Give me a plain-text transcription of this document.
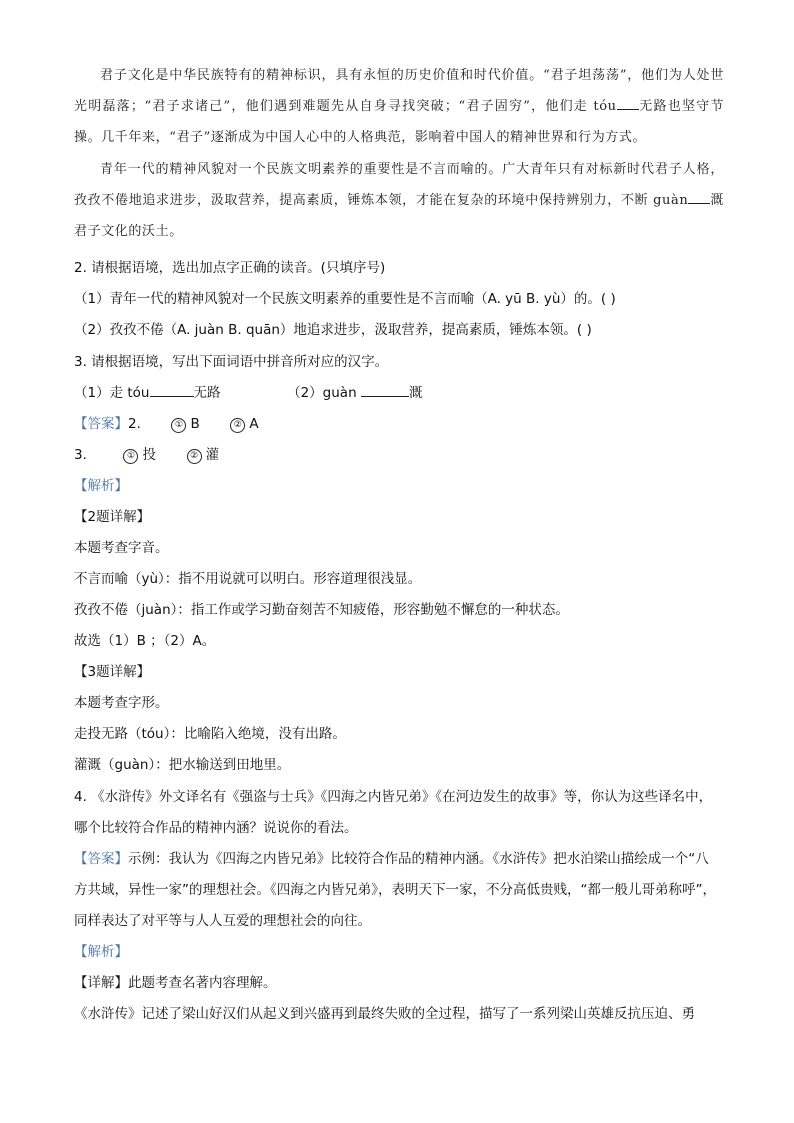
君子文化是中华民族特有的精神标识，具有永恒的历史价值和时代价值。“君子坦荡荡”，他们为人处世光明磊落；“君子求诸己”，他们遇到难题先从自身寻找突破；“君子固穷”，他们走 tóu 无路也坚守节操。几千年来，“君子”逐渐成为中国人心中的人格典范，影响着中国人的精神世界和行为方式。

青年一代的精神风貌对一个民族文明素养的重要性是不言而喻的。广大青年只有对标新时代君子人格，孜孜不倦地追求进步，汲取营养，提高素质，锤炼本领，才能在复杂的环境中保持辨别力，不断 guàn 溉君子文化的沃土。

2. 请根据语境，选出加点字正确的读音。(只填序号)
（1）青年一代的精神风貌对一个民族文明素养的重要性是不言而喻（A. yū B. yù）的。( )
（2）孜孜不倦（A. juàn B. quān）地追求进步，汲取营养，提高素质，锤炼本领。( )
3. 请根据语境，写出下面词语中拼音所对应的汉字。
（1）走 tóu	无路	（2）guàn	溉
【答案】2.	① B	② A
3.	① 投	② 灌
【解析】
【2题详解】
本题考查字音。
不言而喻（yù）：指不用说就可以明白。形容道理很浅显。
孜孜不倦（juàn）：指工作或学习勤奋刻苦不知疲倦，形容勤勉不懈怠的一种状态。
故选（1）B ；（2）A。
【3题详解】
本题考查字形。
走投无路（tóu）：比喻陷入绝境，没有出路。
灌溉（guàn）：把水输送到田地里。
4. 《水浒传》外文译名有《强盗与士兵》《四海之内皆兄弟》《在河边发生的故事》等，你认为这些译名中，哪个比较符合作品的精神内涵？说说你的看法。
【答案】示例：我认为《四海之内皆兄弟》比较符合作品的精神内涵。《水浒传》把水泊梁山描绘成一个“八方共域，异性一家”的理想社会。《四海之内皆兄弟》，表明天下一家，不分高低贵贱，“都一般儿哥弟称呼”，同样表达了对平等与人人互爱的理想社会的向往。
【解析】
【详解】此题考查名著内容理解。
《水浒传》记述了梁山好汉们从起义到兴盛再到最终失败的全过程，描写了一系列梁山英雄反抗压迫、勇
